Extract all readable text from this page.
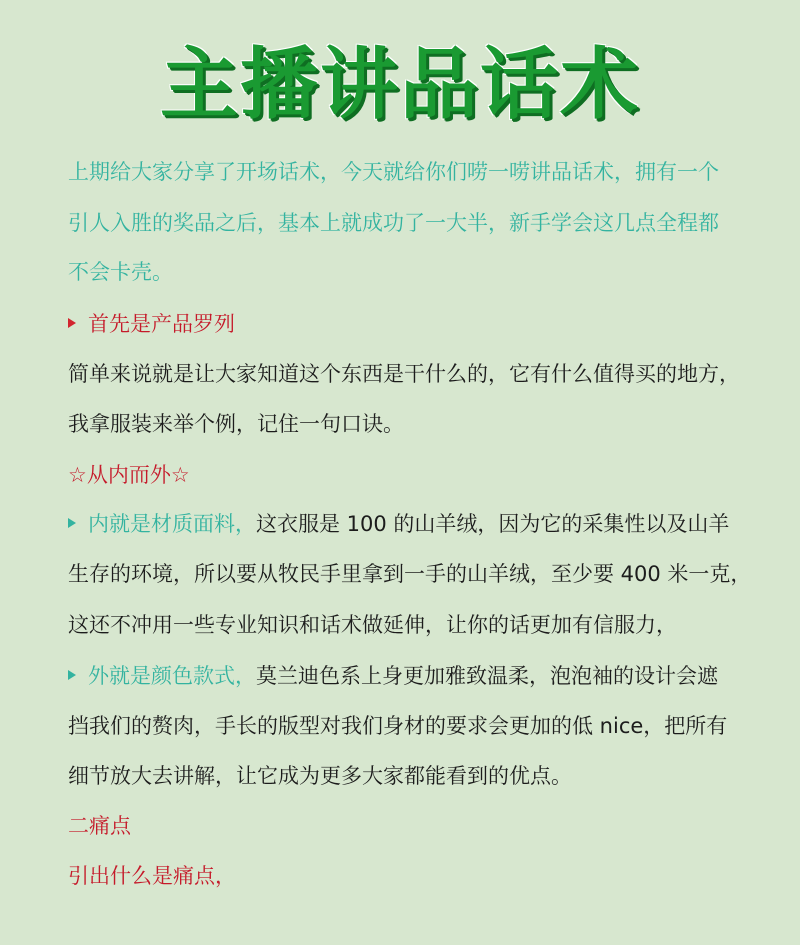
主播讲品话术
上期给大家分享了开场话术，今天就给你们唠一唠讲品话术，拥有一个
引人入胜的奖品之后，基本上就成功了一大半，新手学会这几点全程都
不会卡壳。
首先是产品罗列
简单来说就是让大家知道这个东西是干什么的，它有什么值得买的地方，
我拿服装来举个例，记住一句口诀。
☆从内而外☆
内就是材质面料，这衣服是 100 的山羊绒，因为它的采集性以及山羊
生存的环境，所以要从牧民手里拿到一手的山羊绒，至少要 400 米一克，
这还不冲用一些专业知识和话术做延伸，让你的话更加有信服力，
外就是颜色款式，莫兰迪色系上身更加雅致温柔，泡泡袖的设计会遮
挡我们的赘肉，手长的版型对我们身材的要求会更加的低 nice，把所有
细节放大去讲解，让它成为更多大家都能看到的优点。
二痛点
引出什么是痛点，
